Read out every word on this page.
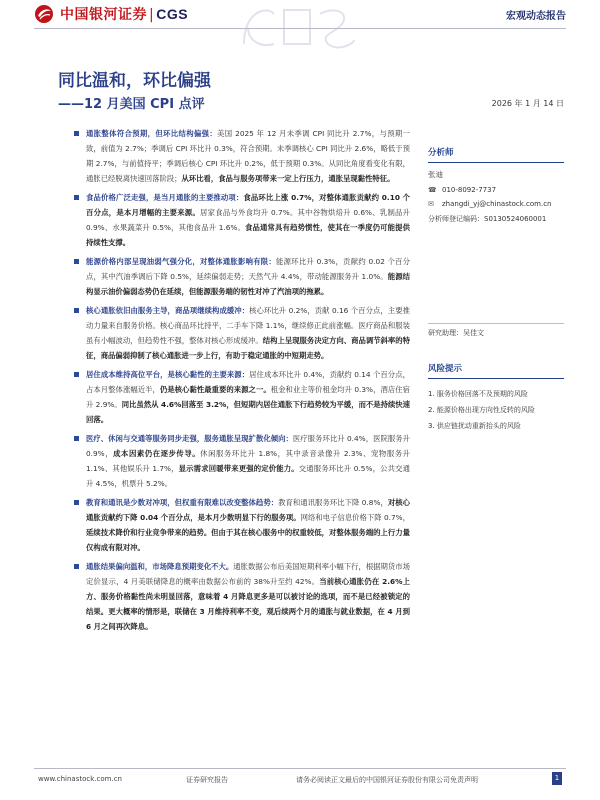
中国银河证券 | CGS	宏观动态报告
同比温和，环比偏强
——12 月美国 CPI 点评	2026 年 1 月 14 日

通胀整体符合预期，但环比结构偏强：美国 2025 年 12 月未季调 CPI 同比升 2.7%，与预期一致，前值为 2.7%；季调后 CPI 环比升 0.3%，符合预期。未季调核心 CPI 同比升 2.6%，略低于预期 2.7%，与前值持平；季调后核心 CPI 环比升 0.2%，低于预期 0.3%。从同比角度看变化有限，通胀已经脱离快速回落阶段；从环比看，食品与服务项带来一定上行压力，通胀呈现黏性特征。

食品价格广泛走强，是当月通胀的主要推动项：食品环比上涨 0.7%，对整体通胀贡献约 0.10 个百分点，是本月增幅的主要来源。居家食品与外食均升 0.7%。其中谷物烘焙升 0.6%、乳制品升 0.9%、水果蔬菜升 0.5%，其他食品升 1.6%。食品通常具有趋势惯性，使其在一季度仍可能提供持续性支撑。

能源价格内部呈现油弱气强分化，对整体通胀影响有限：能源环比升 0.3%，贡献约 0.02 个百分点，其中汽油季调后下降 0.5%，延续偏弱走势；天然气升 4.4%，带动能源服务升 1.0%。能源结构显示油价偏弱态势仍在延续，但能源服务端的韧性对冲了汽油项的拖累。

核心通胀依旧由服务主导，商品项继续构成缓冲：核心环比升 0.2%，贡献 0.16 个百分点，主要推动力量来自服务价格。核心商品环比持平，二手车下降 1.1%，继续修正此前涨幅。医疗商品和服装虽有小幅波动，但趋势性不强，整体对核心形成缓冲。结构上呈现服务决定方向、商品调节斜率的特征，商品偏弱抑制了核心通胀进一步上行，有助于稳定通胀的中短期走势。

居住成本维持高位平台，是核心黏性的主要来源：居住成本环比升 0.4%，贡献约 0.14 个百分点，占本月整体涨幅近半，仍是核心黏性最重要的来源之一。租金和业主等价租金均升 0.3%，酒店住宿升 2.9%。同比虽然从 4.6%回落至 3.2%，但短期内居住通胀下行趋势较为平缓，而不是持续快速回落。

医疗、休闲与交通等服务同步走强，服务通胀呈现扩散化倾向：医疗服务环比升 0.4%，医院服务升 0.9%，成本因素仍在逐步传导。休闲服务环比升 1.8%，其中录音录像升 2.3%、宠物服务升 1.1%、其他娱乐升 1.7%，显示需求回暖带来更强的定价能力。交通服务环比升 0.5%，公共交通升 4.5%，机票升 5.2%。

教育和通讯是少数对冲项，但权重有限难以改变整体趋势：教育和通讯服务环比下降 0.8%，对核心通胀贡献约下降 0.04 个百分点，是本月少数明显下行的服务项。网络和电子信息价格下降 0.7%，延续技术降价和行业竞争带来的趋势。但由于其在核心服务中的权重较低，对整体服务端的上行力量仅构成有限对冲。

通胀结果偏向温和，市场降息预期变化不大。通胀数据公布后美国短期利率小幅下行，根据期货市场定价显示，4 月美联储降息的概率由数据公布前的 38%升至约 42%。当前核心通胀仍在 2.6%上方、服务价格黏性尚未明显回落，意味着 4 月降息更多是可以被讨论的选项，而不是已经被锁定的结果。更大概率的情形是，联储在 3 月维持利率不变，观后续两个月的通胀与就业数据，在 4 月到 6 月之间再次降息。

分析师
张迪
☎ 010-8092-7737
✉	zhangdi_yj@chinastock.com.cn
分析师登记编码：S0130524060001
研究助理：吴佳文
风险提示
1. 服务价格回落不及预期的风险
2. 能源价格出现方向性反转的风险
3. 供应链扰动重新抬头的风险
www.chinastock.com.cn	证券研究报告	请务必阅读正文最后的中国银河证券股份有限公司免责声明	1
